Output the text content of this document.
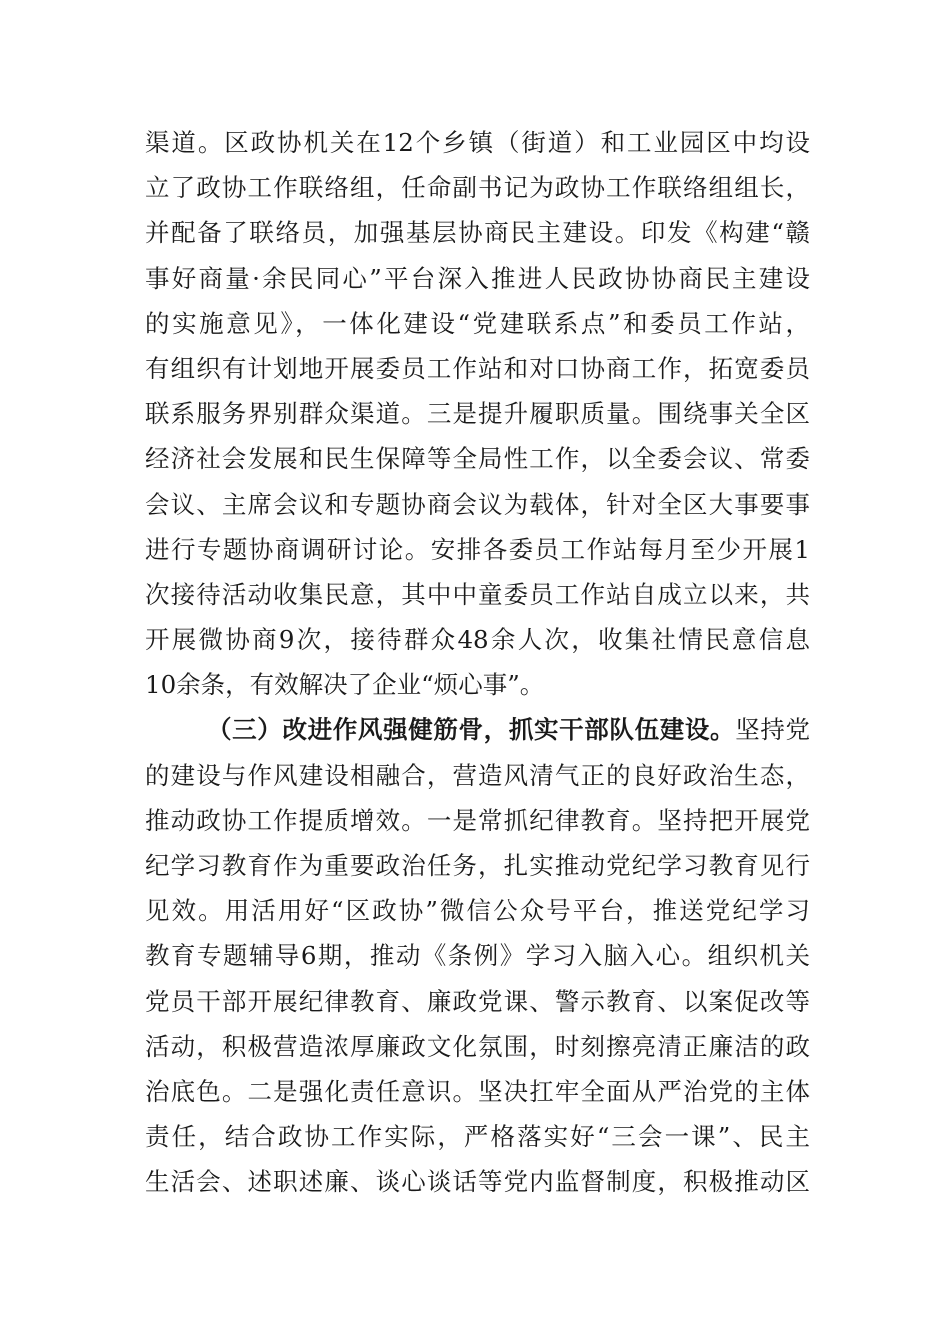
渠道。区政协机关在12个乡镇（街道）和工业园区中均设
立了政协工作联络组，任命副书记为政协工作联络组组长，
并配备了联络员，加强基层协商民主建设。印发《构建“赣
事好商量·余民同心”平台深入推进人民政协协商民主建设
的实施意见》，一体化建设“党建联系点”和委员工作站，
有组织有计划地开展委员工作站和对口协商工作，拓宽委员
联系服务界别群众渠道。三是提升履职质量。围绕事关全区
经济社会发展和民生保障等全局性工作，以全委会议、常委
会议、主席会议和专题协商会议为载体，针对全区大事要事
进行专题协商调研讨论。安排各委员工作站每月至少开展1
次接待活动收集民意，其中中童委员工作站自成立以来，共
开展微协商9次，接待群众48余人次，收集社情民意信息
10余条，有效解决了企业“烦心事”。
（三）改进作风强健筋骨，抓实干部队伍建设。坚持党
的建设与作风建设相融合，营造风清气正的良好政治生态，
推动政协工作提质增效。一是常抓纪律教育。坚持把开展党
纪学习教育作为重要政治任务，扎实推动党纪学习教育见行
见效。用活用好“区政协”微信公众号平台，推送党纪学习
教育专题辅导6期，推动《条例》学习入脑入心。组织机关
党员干部开展纪律教育、廉政党课、警示教育、以案促改等
活动，积极营造浓厚廉政文化氛围，时刻擦亮清正廉洁的政
治底色。二是强化责任意识。坚决扛牢全面从严治党的主体
责任，结合政协工作实际，严格落实好“三会一课”、民主
生活会、述职述廉、谈心谈话等党内监督制度，积极推动区
